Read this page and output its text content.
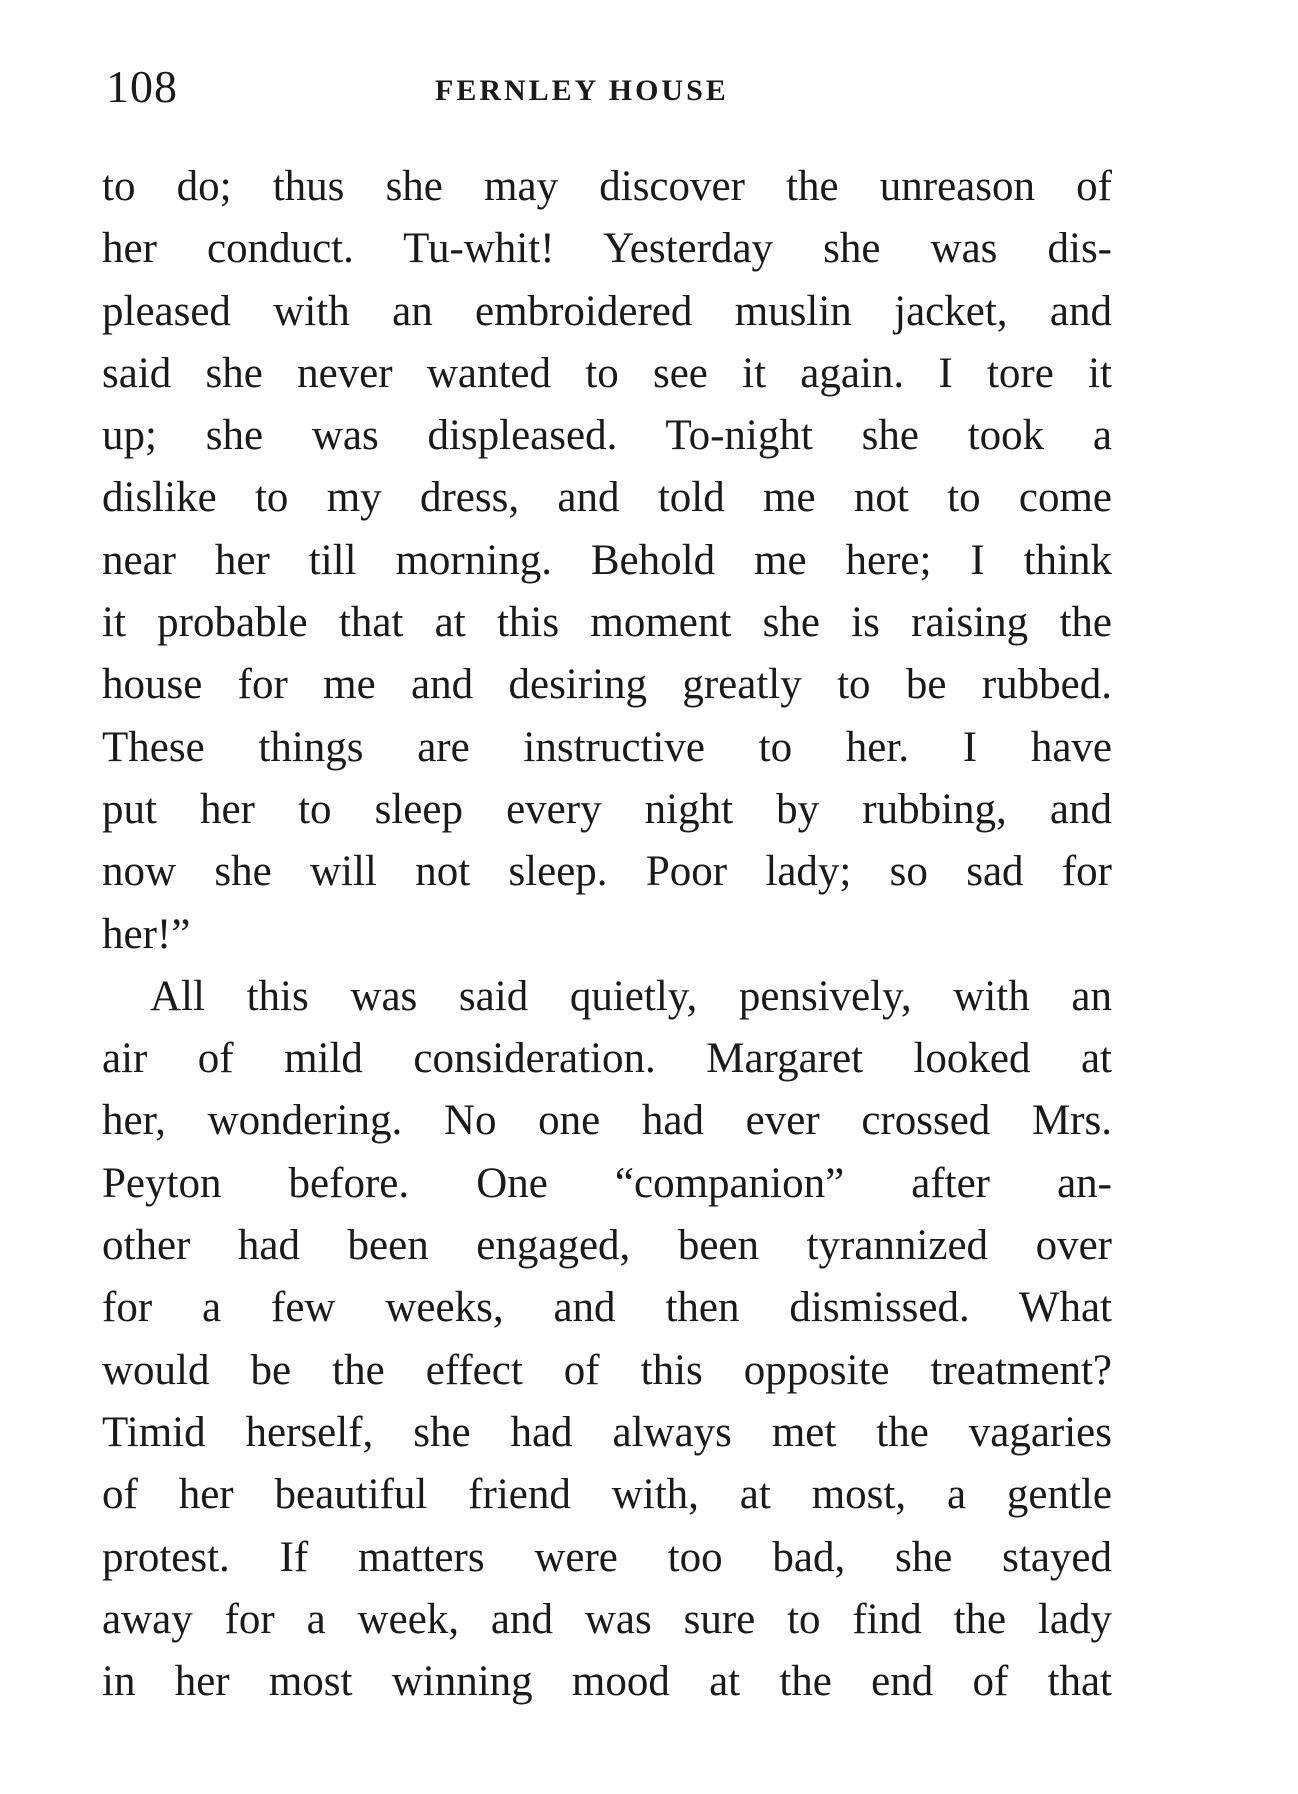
108	FERNLEY HOUSE
to do; thus she may discover the unreason of
her conduct. Tu-whit! Yesterday she was dis-
pleased with an embroidered muslin jacket, and
said she never wanted to see it again. I tore it
up; she was displeased. To-night she took a
dislike to my dress, and told me not to come
near her till morning. Behold me here; I think
it probable that at this moment she is raising the
house for me and desiring greatly to be rubbed.
These things are instructive to her. I have
put her to sleep every night by rubbing, and
now she will not sleep. Poor lady; so sad for
her!”
All this was said quietly, pensively, with an
air of mild consideration. Margaret looked at
her, wondering. No one had ever crossed Mrs.
Peyton before. One “companion” after an-
other had been engaged, been tyrannized over
for a few weeks, and then dismissed. What
would be the effect of this opposite treatment?
Timid herself, she had always met the vagaries
of her beautiful friend with, at most, a gentle
protest. If matters were too bad, she stayed
away for a week, and was sure to find the lady
in her most winning mood at the end of that
